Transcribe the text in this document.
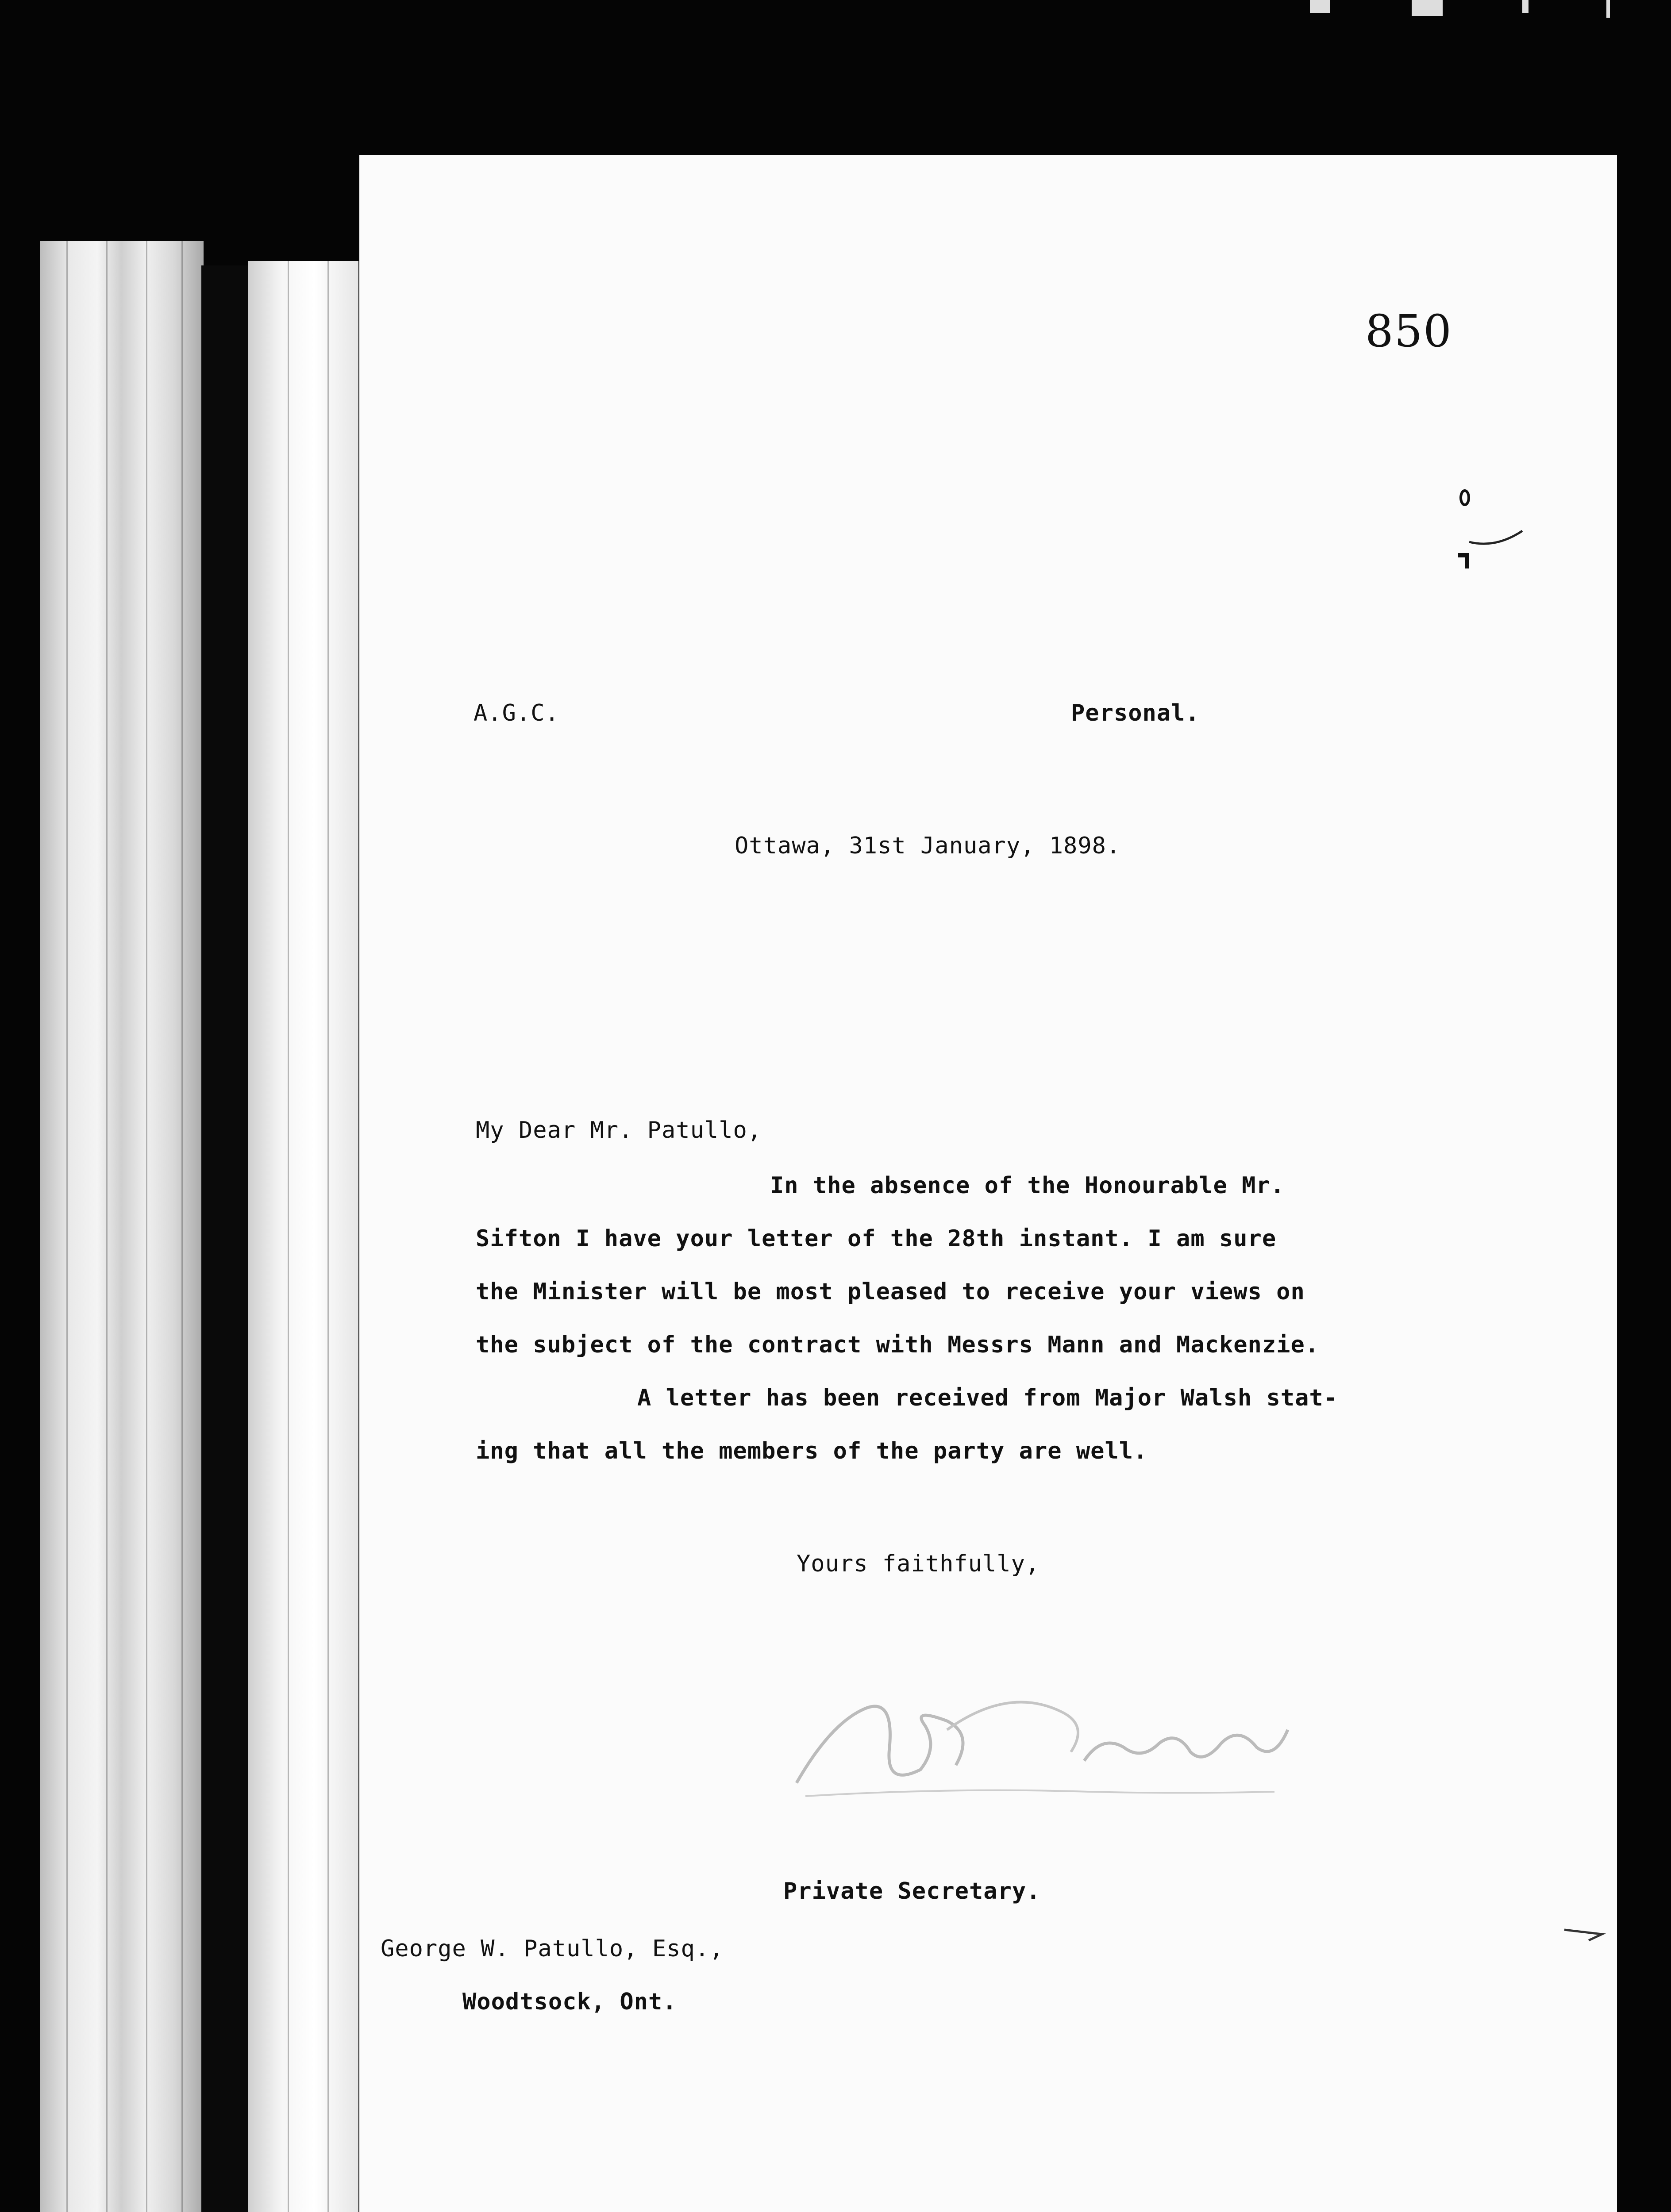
850
A.G.C.	Personal.
Ottawa, 31st January, 1898.
My Dear Mr. Patullo,
In the absence of the Honourable Mr.
Sifton I have your letter of the 28th instant. I am sure
the Minister will be most pleased to receive your views on
the subject of the contract with Messrs Mann and Mackenzie.
A letter has been received from Major Walsh stat-
ing that all the members of the party are well.
Yours faithfully,
Private Secretary.
George W. Patullo, Esq.,
Woodtsock, Ont.
